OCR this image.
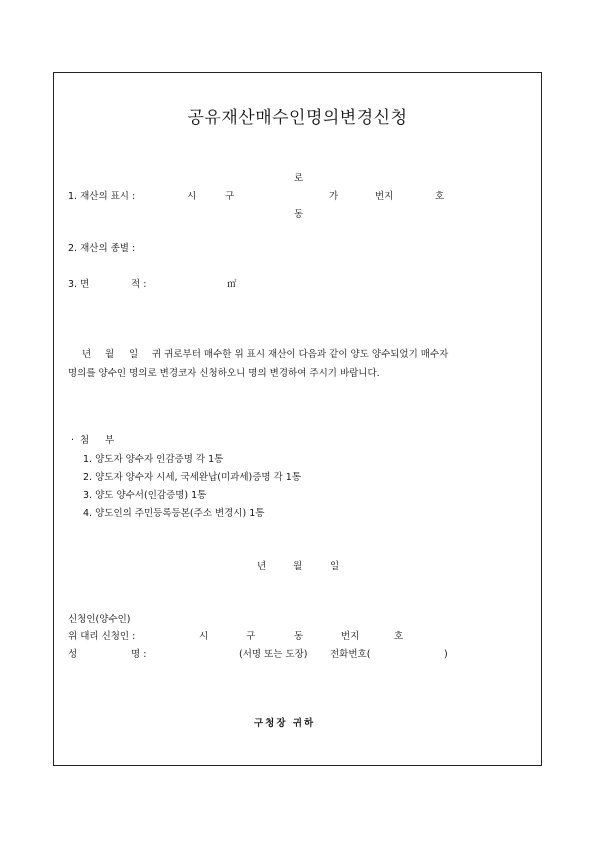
공유재산매수인명의변경신청
로
1. 재산의 표시 :	시	구	가	번지	호
동
2. 재산의 종별 :
3. 면	적 :	㎡
년 월 일 귀 귀로부터 매수한 위 표시 재산이 다음과 같이 양도 양수되었기 매수자
명의를 양수인 명의로 변경코자 신청하오니 명의 변경하여 주시기 바랍니다.
· 첨 부
1. 양도자 양수자 인감증명 각 1통
2. 양도자 양수자 시세, 국세완납(미과세)증명 각 1통
3. 양도 양수서(인감증명) 1통
4. 양도인의 주민등록등본(주소 변경시) 1통
년	월	일
신청인(양수인)
위 대리 신청인 :	시	구	동	번지	호
성	명 :	(서명 또는 도장) 전화번호(	)
구청장 귀하
